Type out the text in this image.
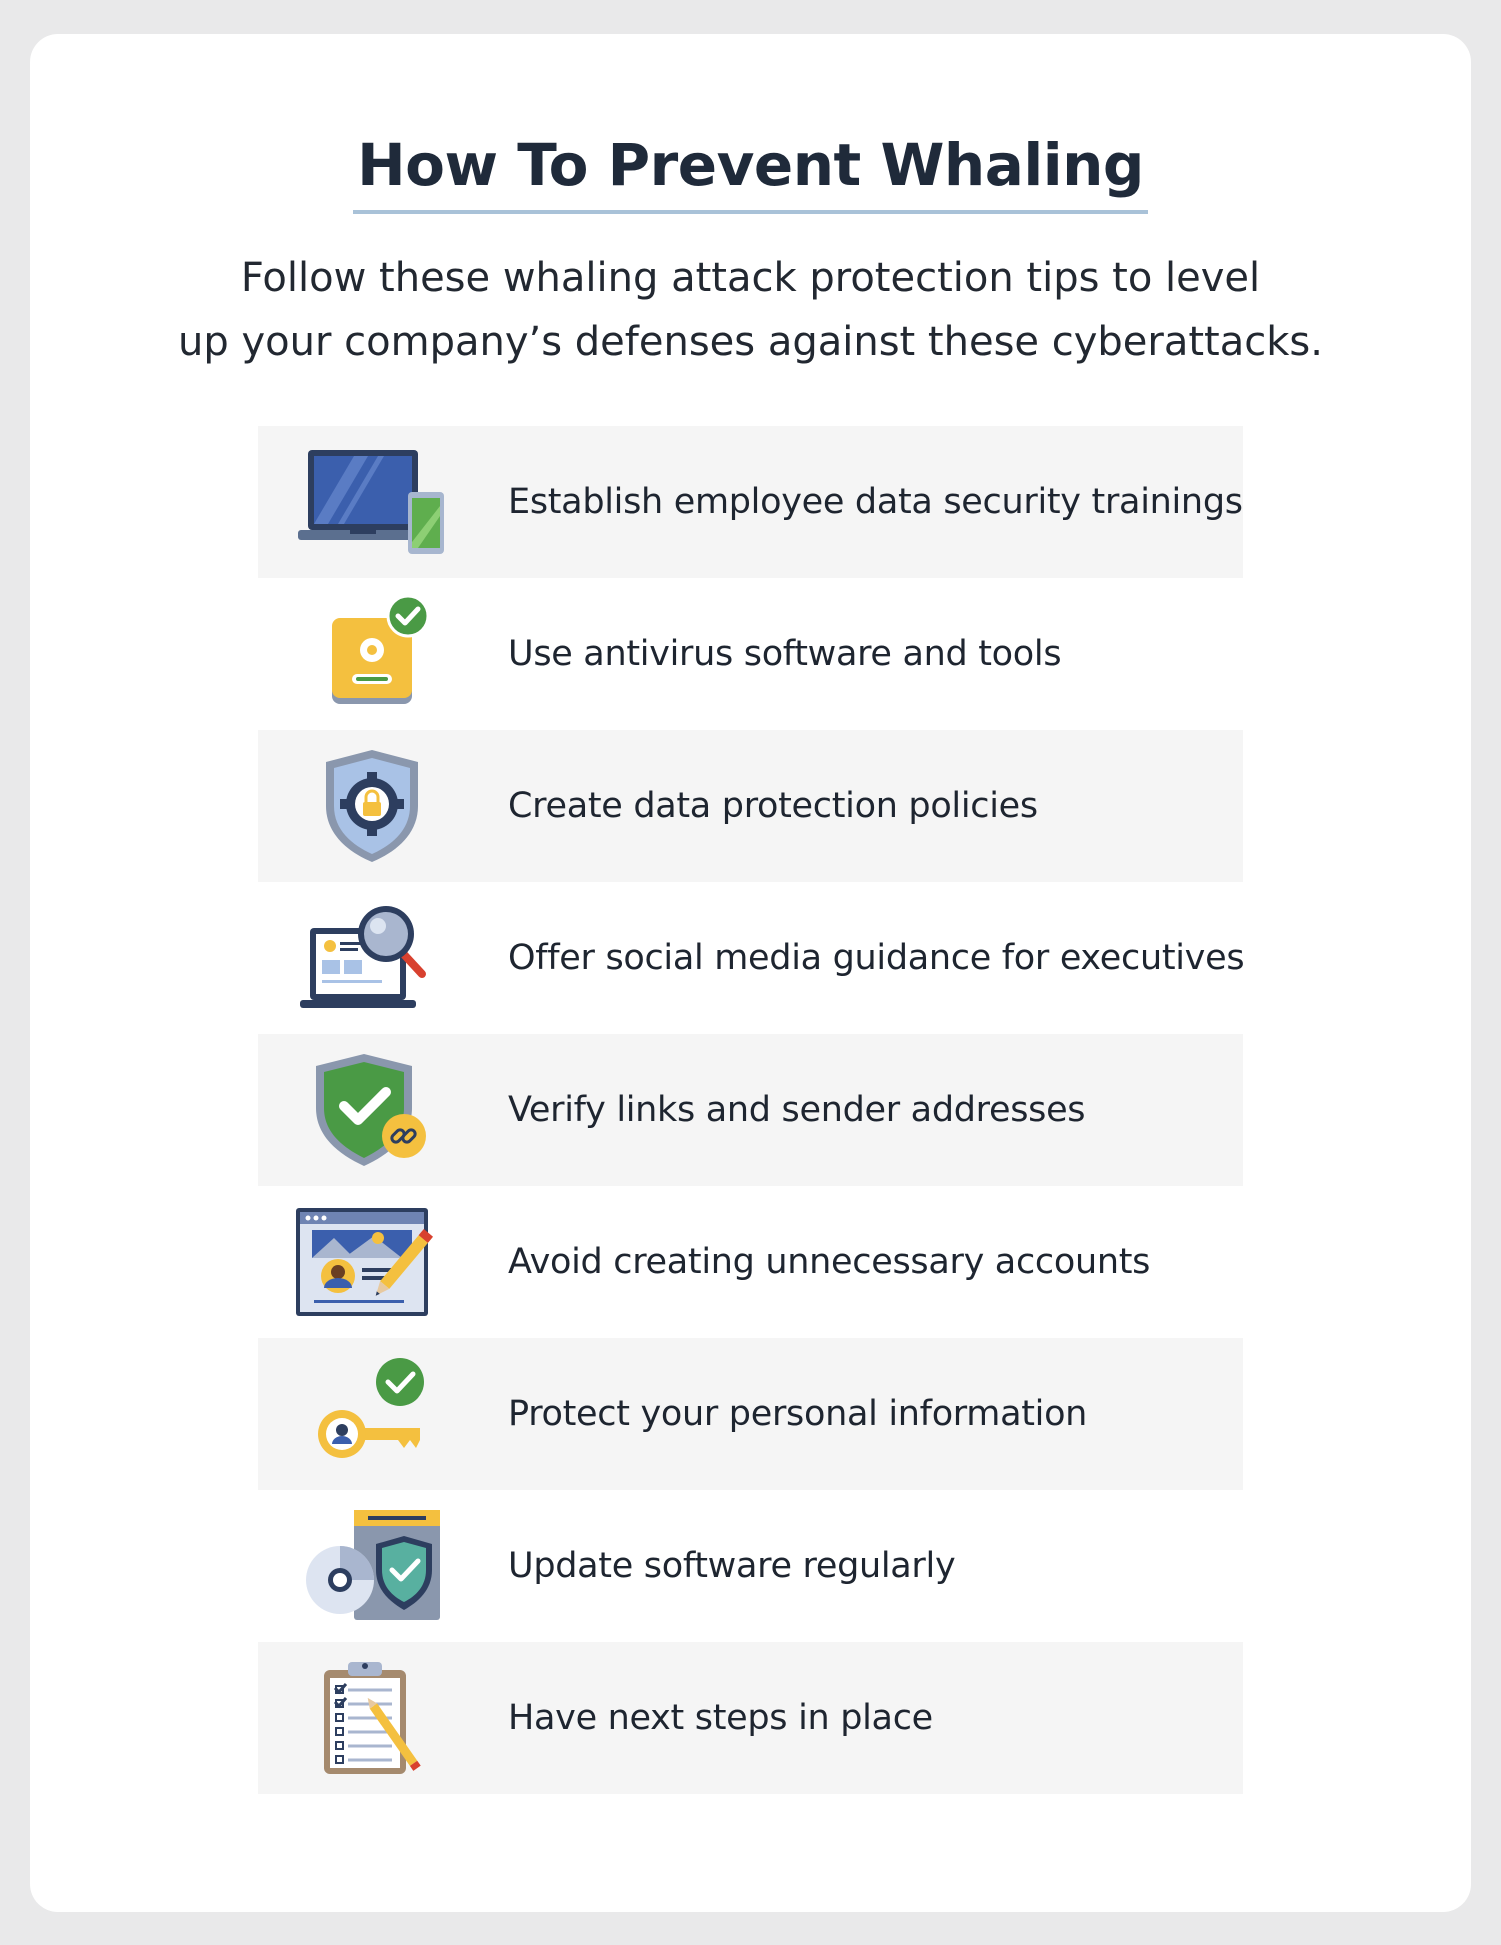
How To Prevent Whaling
Follow these whaling attack protection tips to level
up your company’s defenses against these cyberattacks.
Establish employee data security trainings
Use antivirus software and tools
Create data protection policies
Offer social media guidance for executives
Verify links and sender addresses
Avoid creating unnecessary accounts
Protect your personal information
Update software regularly
Have next steps in place
